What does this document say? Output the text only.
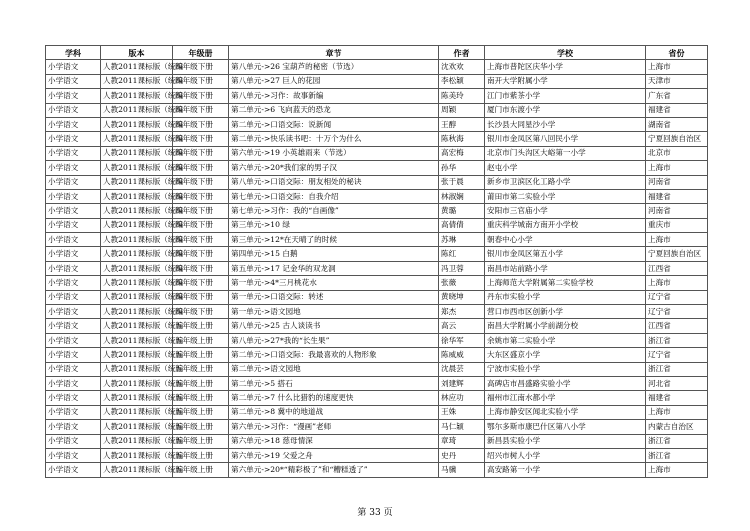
学科	版本	年级册	章节	作者	学校	省份
小学语文	人教2011课标版（统编	四年级下册	第八单元->26 宝葫芦的秘密（节选）	沈欢欢	上海市普陀区庆华小学	上海市
小学语文	人教2011课标版（统编	四年级下册	第八单元->27 巨人的花园	李松颖	南开大学附属小学	天津市
小学语文	人教2011课标版（统编	四年级下册	第八单元->习作：故事新编	陈美玲	江门市紫茶小学	广东省
小学语文	人教2011课标版（统编	四年级下册	第二单元->6 飞向蓝天的恐龙	周颖	厦门市东渡小学	福建省
小学语文	人教2011课标版（统编	四年级下册	第二单元->口语交际：说新闻	王醇	长沙县大同星沙小学	湖南省
小学语文	人教2011课标版（统编	四年级下册	第二单元->快乐读书吧：十万个为什么	陈秋海	银川市金凤区第八回民小学	宁夏回族自治区
小学语文	人教2011课标版（统编	四年级下册	第六单元->19 小英雄雨来（节选）	高宏梅	北京市门头沟区大峪第一小学	北京市
小学语文	人教2011课标版（统编	四年级下册	第六单元->20*我们家的男子汉	孙华	赵屯小学	上海市
小学语文	人教2011课标版（统编	四年级下册	第八单元->口语交际：朋友相处的秘诀	张于晨	新乡市卫滨区化工路小学	河南省
小学语文	人教2011课标版（统编	四年级下册	第七单元->口语交际：自我介绍	林淑娴	莆田市第二实验小学	福建省
小学语文	人教2011课标版（统编	四年级下册	第七单元->习作：我的“自画像”	黄璐	安阳市三官庙小学	河南省
小学语文	人教2011课标版（统编	四年级下册	第三单元->10 绿	高倩倩	重庆科学城南方南开小学校	重庆市
小学语文	人教2011课标版（统编	四年级下册	第三单元->12*在天晴了的时候	苏琳	朝春中心小学	上海市
小学语文	人教2011课标版（统编	四年级下册	第四单元->15 白鹅	陈红	银川市金凤区第五小学	宁夏回族自治区
小学语文	人教2011课标版（统编	四年级下册	第五单元->17 记金华的双龙洞	冯卫蓉	南昌市站前路小学	江西省
小学语文	人教2011课标版（统编	四年级下册	第一单元->4*三月桃花水	张薇	上海师范大学附属第二实验学校	上海市
小学语文	人教2011课标版（统编	四年级下册	第一单元->口语交际：转述	黄晓坤	丹东市实验小学	辽宁省
小学语文	人教2011课标版（统编	四年级下册	第一单元->语文园地	郑杰	营口市西市区创新小学	辽宁省
小学语文	人教2011课标版（统编	五年级上册	第八单元->25 古人谈读书	高云	南昌大学附属小学前湖分校	江西省
小学语文	人教2011课标版（统编	五年级上册	第八单元->27*我的“长生果”	徐华军	余姚市第二实验小学	浙江省
小学语文	人教2011课标版（统编	五年级上册	第二单元->口语交际：我最喜欢的人物形象	陈威威	大东区盛京小学	辽宁省
小学语文	人教2011课标版（统编	五年级上册	第二单元->语文园地	沈晨芸	宁波市实验小学	浙江省
小学语文	人教2011课标版（统编	五年级上册	第二单元->5 搭石	刘建辉	高碑店市昌盛路实验小学	河北省
小学语文	人教2011课标版（统编	五年级上册	第二单元->7 什么比猎豹的速度更快	林应功	福州市江南水都小学	福建省
小学语文	人教2011课标版（统编	五年级上册	第二单元->8 冀中的地道战	王姝	上海市静安区闻北实验小学	上海市
小学语文	人教2011课标版（统编	五年级上册	第六单元->习作：“漫画”老师	马仁颖	鄂尔多斯市康巴什区第八小学	内蒙古自治区
小学语文	人教2011课标版（统编	五年级上册	第六单元->18 慈母情深	章琦	新昌县实验小学	浙江省
小学语文	人教2011课标版（统编	五年级上册	第六单元->19 父爱之舟	史丹	绍兴市树人小学	浙江省
小学语文	人教2011课标版（统编	五年级上册	第六单元->20*“精彩极了”和“糟糕透了”	马骥	高安路第一小学	上海市
第 33 页
